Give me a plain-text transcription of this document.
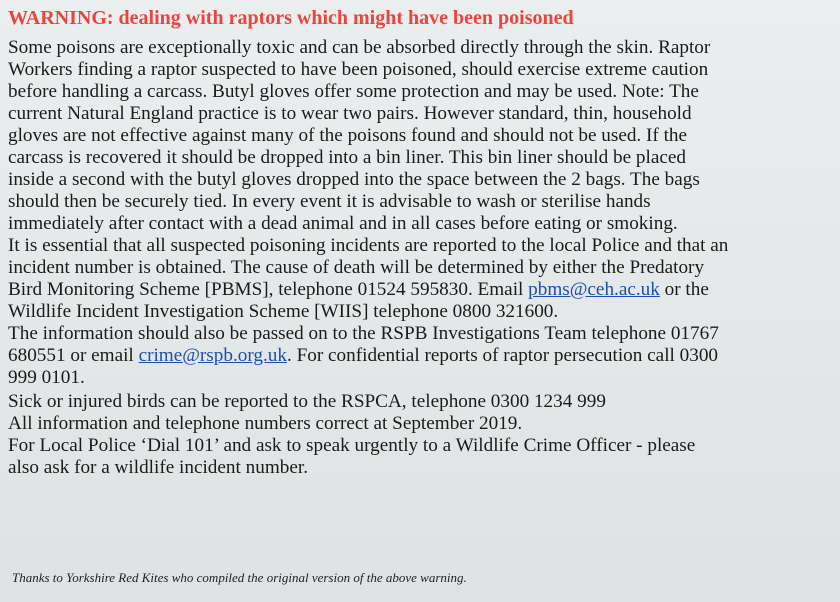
WARNING: dealing with raptors which might have been poisoned
Some poisons are exceptionally toxic and can be absorbed directly through the skin. Raptor
Workers finding a raptor suspected to have been poisoned, should exercise extreme caution
before handling a carcass. Butyl gloves offer some protection and may be used. Note: The
current Natural England practice is to wear two pairs. However standard, thin, household
gloves are not effective against many of the poisons found and should not be used. If the
carcass is recovered it should be dropped into a bin liner. This bin liner should be placed
inside a second with the butyl gloves dropped into the space between the 2 bags. The bags
should then be securely tied. In every event it is advisable to wash or sterilise hands
immediately after contact with a dead animal and in all cases before eating or smoking.
It is essential that all suspected poisoning incidents are reported to the local Police and that an
incident number is obtained. The cause of death will be determined by either the Predatory
Bird Monitoring Scheme [PBMS], telephone 01524 595830. Email pbms@ceh.ac.uk or the
Wildlife Incident Investigation Scheme [WIIS] telephone 0800 321600.
The information should also be passed on to the RSPB Investigations Team telephone 01767
680551 or email crime@rspb.org.uk. For confidential reports of raptor persecution call 0300
999 0101.
Sick or injured birds can be reported to the RSPCA, telephone 0300 1234 999
All information and telephone numbers correct at September 2019.
For Local Police ‘Dial 101’ and ask to speak urgently to a Wildlife Crime Officer - please
also ask for a wildlife incident number.
Thanks to Yorkshire Red Kites who compiled the original version of the above warning.
